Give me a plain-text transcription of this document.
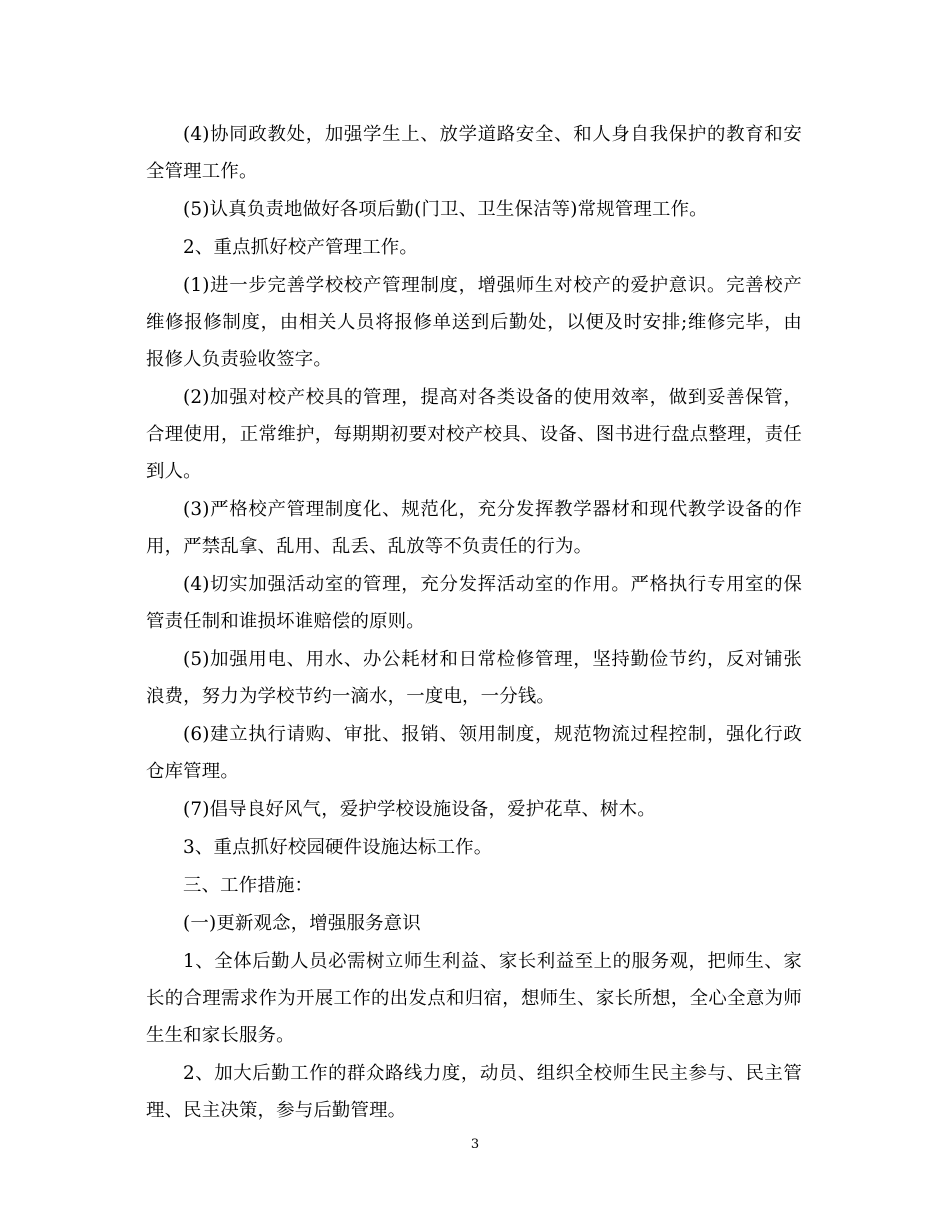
(4)协同政教处，加强学生上、放学道路安全、和人身自我保护的教育和安全管理工作。

(5)认真负责地做好各项后勤(门卫、卫生保洁等)常规管理工作。

2、重点抓好校产管理工作。

(1)进一步完善学校校产管理制度，增强师生对校产的爱护意识。完善校产维修报修制度，由相关人员将报修单送到后勤处，以便及时安排;维修完毕，由报修人负责验收签字。

(2)加强对校产校具的管理，提高对各类设备的使用效率，做到妥善保管，合理使用，正常维护，每期期初要对校产校具、设备、图书进行盘点整理，责任到人。

(3)严格校产管理制度化、规范化，充分发挥教学器材和现代教学设备的作用，严禁乱拿、乱用、乱丢、乱放等不负责任的行为。

(4)切实加强活动室的管理，充分发挥活动室的作用。严格执行专用室的保管责任制和谁损坏谁赔偿的原则。

(5)加强用电、用水、办公耗材和日常检修管理，坚持勤俭节约，反对铺张浪费，努力为学校节约一滴水，一度电，一分钱。

(6)建立执行请购、审批、报销、领用制度，规范物流过程控制，强化行政仓库管理。

(7)倡导良好风气，爱护学校设施设备，爱护花草、树木。

3、重点抓好校园硬件设施达标工作。

三、工作措施：

(一)更新观念，增强服务意识

1、全体后勤人员必需树立师生利益、家长利益至上的服务观，把师生、家长的合理需求作为开展工作的出发点和归宿，想师生、家长所想，全心全意为师生生和家长服务。

2、加大后勤工作的群众路线力度，动员、组织全校师生民主参与、民主管理、民主决策，参与后勤管理。

3
